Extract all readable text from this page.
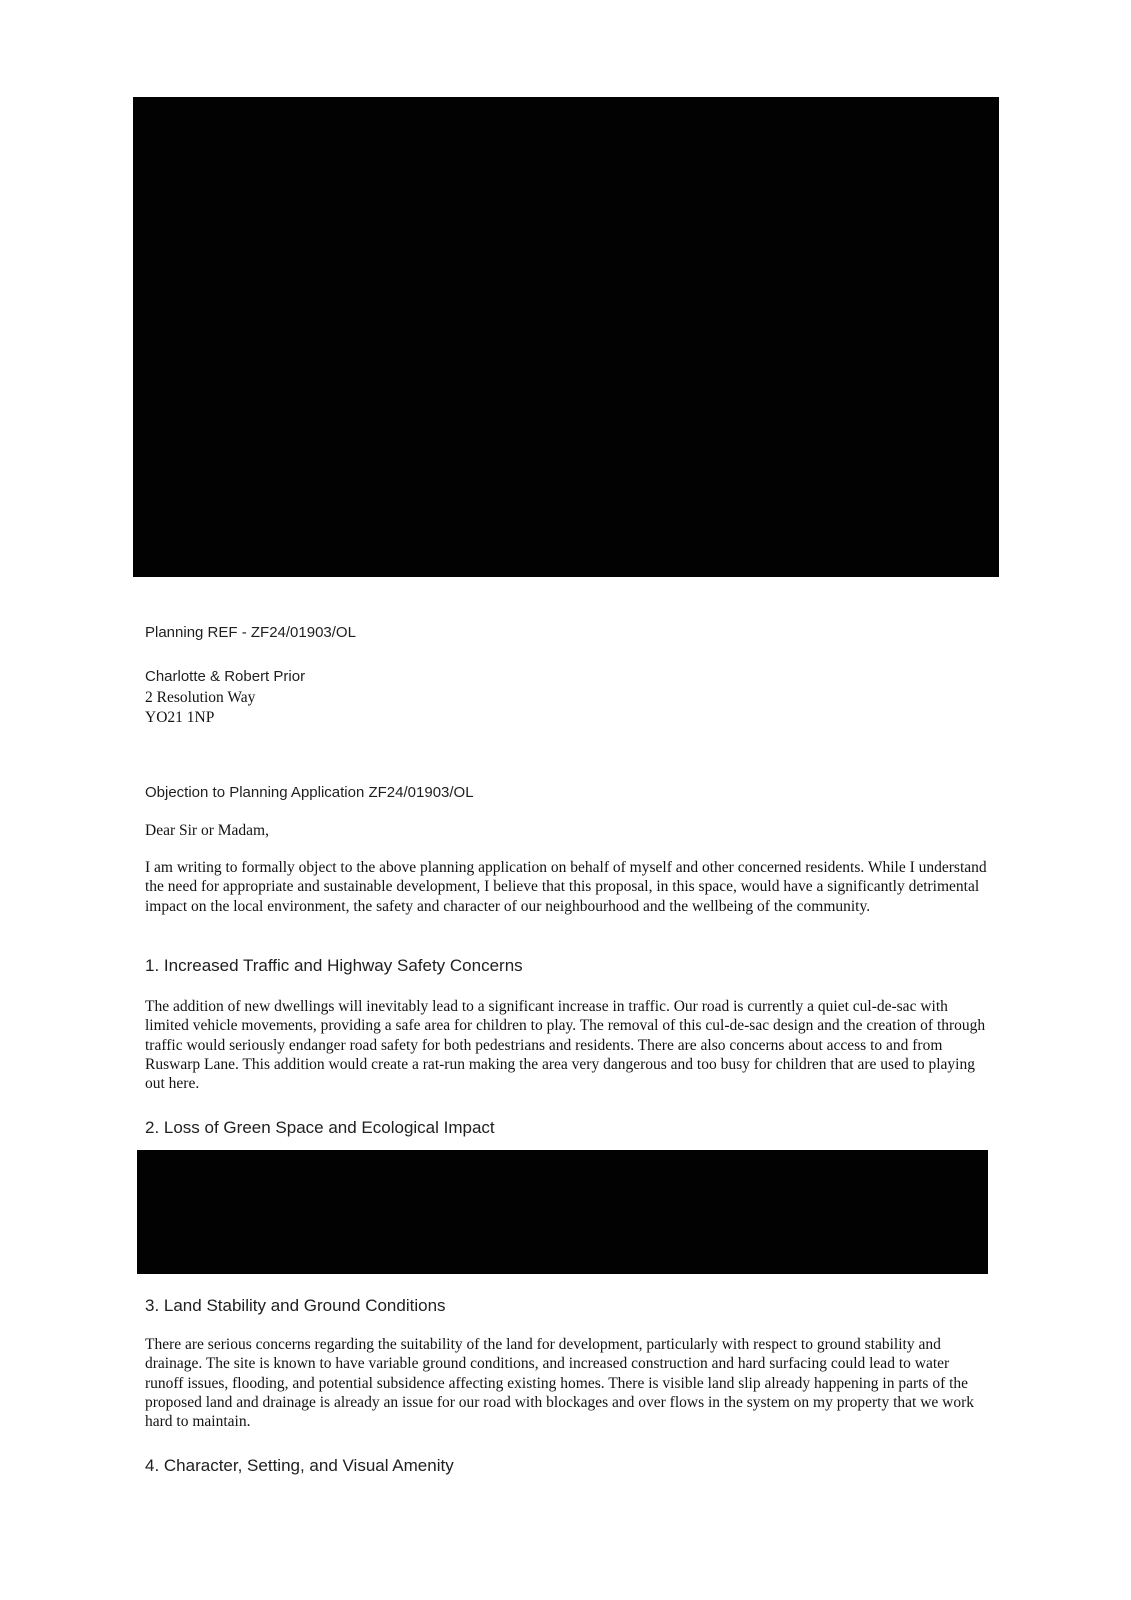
Planning REF - ZF24/01903/OL
Charlotte & Robert Prior
2 Resolution Way
YO21 1NP
Objection to Planning Application ZF24/01903/OL
Dear Sir or Madam,
I am writing to formally object to the above planning application on behalf of myself and other concerned residents. While I understand the need for appropriate and sustainable development, I believe that this proposal, in this space, would have a significantly detrimental impact on the local environment, the safety and character of our neighbourhood and the wellbeing of the community.
1. Increased Traffic and Highway Safety Concerns
The addition of new dwellings will inevitably lead to a significant increase in traffic. Our road is currently a quiet cul-de-sac with limited vehicle movements, providing a safe area for children to play. The removal of this cul-de-sac design and the creation of through traffic would seriously endanger road safety for both pedestrians and residents. There are also concerns about access to and from Ruswarp Lane. This addition would create a rat-run making the area very dangerous and too busy for children that are used to playing out here.
2. Loss of Green Space and Ecological Impact
3. Land Stability and Ground Conditions
There are serious concerns regarding the suitability of the land for development, particularly with respect to ground stability and drainage. The site is known to have variable ground conditions, and increased construction and hard surfacing could lead to water runoff issues, flooding, and potential subsidence affecting existing homes. There is visible land slip already happening in parts of the proposed land and drainage is already an issue for our road with blockages and over flows in the system on my property that we work hard to maintain.
4. Character, Setting, and Visual Amenity
